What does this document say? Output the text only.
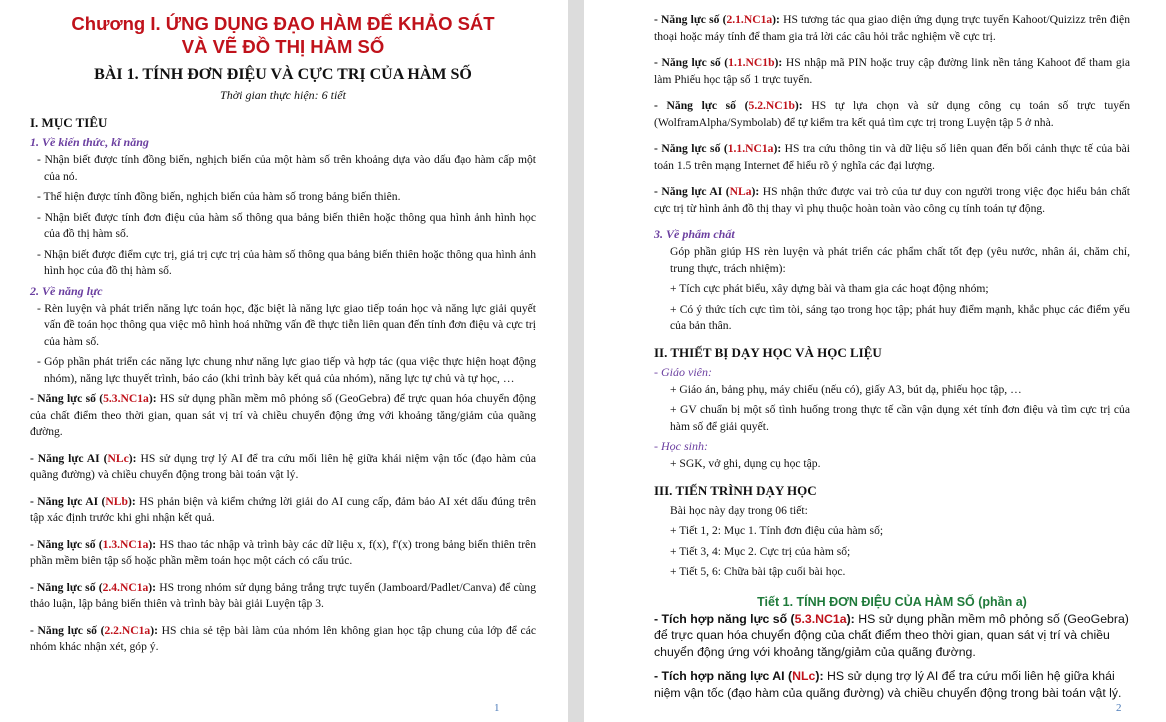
Chương I. ỨNG DỤNG ĐẠO HÀM ĐỂ KHẢO SÁT
VÀ VẼ ĐỒ THỊ HÀM SỐ
BÀI 1. TÍNH ĐƠN ĐIỆU VÀ CỰC TRỊ CỦA HÀM SỐ
Thời gian thực hiện: 6 tiết
I. MỤC TIÊU
1. Về kiến thức, kĩ năng

- Nhận biết được tính đồng biến, nghịch biến của một hàm số trên khoảng dựa vào dấu đạo hàm cấp một của nó.

- Thể hiện được tính đồng biến, nghịch biến của hàm số trong bảng biến thiên.

- Nhận biết được tính đơn điệu của hàm số thông qua bảng biến thiên hoặc thông qua hình ảnh hình học của đồ thị hàm số.

- Nhận biết được điểm cực trị, giá trị cực trị của hàm số thông qua bảng biến thiên hoặc thông qua hình ảnh hình học của đồ thị hàm số.

2. Về năng lực

- Rèn luyện và phát triển năng lực toán học, đặc biệt là năng lực giao tiếp toán học và năng lực giải quyết vấn đề toán học thông qua việc mô hình hoá những vấn đề thực tiễn liên quan đến tính đơn điệu và cực trị của hàm số.

- Góp phần phát triển các năng lực chung như năng lực giao tiếp và hợp tác (qua việc thực hiện hoạt động nhóm), năng lực thuyết trình, báo cáo (khi trình bày kết quả của nhóm), năng lực tự chủ và tự học, …

- Năng lực số (5.3.NC1a): HS sử dụng phần mềm mô phỏng số (GeoGebra) để trực quan hóa chuyển động của chất điểm theo thời gian, quan sát vị trí và chiều chuyển động ứng với khoảng tăng/giảm của quãng đường.

- Năng lực AI (NLc): HS sử dụng trợ lý AI để tra cứu mối liên hệ giữa khái niệm vận tốc (đạo hàm của quãng đường) và chiều chuyển động trong bài toán vật lý.

- Năng lực AI (NLb): HS phản biện và kiểm chứng lời giải do AI cung cấp, đảm bảo AI xét dấu đúng trên tập xác định trước khi ghi nhận kết quả.

- Năng lực số (1.3.NC1a): HS thao tác nhập và trình bày các dữ liệu x, f(x), f'(x) trong bảng biến thiên trên phần mềm biên tập số hoặc phần mềm toán học một cách có cấu trúc.

- Năng lực số (2.4.NC1a): HS trong nhóm sử dụng bảng trắng trực tuyến (Jamboard/Padlet/Canva) để cùng thảo luận, lập bảng biến thiên và trình bày bài giải Luyện tập 3.

- Năng lực số (2.2.NC1a): HS chia sẻ tệp bài làm của nhóm lên không gian học tập chung của lớp để các nhóm khác nhận xét, góp ý.

1

- Năng lực số (2.1.NC1a): HS tương tác qua giao diện ứng dụng trực tuyến Kahoot/Quizizz trên điện thoại hoặc máy tính để tham gia trả lời các câu hỏi trắc nghiệm về cực trị.

- Năng lực số (1.1.NC1b): HS nhập mã PIN hoặc truy cập đường link nền tảng Kahoot để tham gia làm Phiếu học tập số 1 trực tuyến.

- Năng lực số (5.2.NC1b): HS tự lựa chọn và sử dụng công cụ toán số trực tuyến (WolframAlpha/Symbolab) để tự kiểm tra kết quả tìm cực trị trong Luyện tập 5 ở nhà.

- Năng lực số (1.1.NC1a): HS tra cứu thông tin và dữ liệu số liên quan đến bối cảnh thực tế của bài toán 1.5 trên mạng Internet để hiểu rõ ý nghĩa các đại lượng.

- Năng lực AI (NLa): HS nhận thức được vai trò của tư duy con người trong việc đọc hiểu bản chất cực trị từ hình ảnh đồ thị thay vì phụ thuộc hoàn toàn vào công cụ tính toán tự động.

3. Về phẩm chất

Góp phần giúp HS rèn luyện và phát triển các phẩm chất tốt đẹp (yêu nước, nhân ái, chăm chỉ, trung thực, trách nhiệm):

+ Tích cực phát biểu, xây dựng bài và tham gia các hoạt động nhóm;

+ Có ý thức tích cực tìm tòi, sáng tạo trong học tập; phát huy điểm mạnh, khắc phục các điểm yếu của bản thân.

II. THIẾT BỊ DẠY HỌC VÀ HỌC LIỆU
- Giáo viên:

+ Giáo án, bảng phụ, máy chiếu (nếu có), giấy A3, bút dạ, phiếu học tập, …

+ GV chuẩn bị một số tình huống trong thực tế cần vận dụng xét tính đơn điệu và tìm cực trị của hàm số để giải quyết.

- Học sinh:

+ SGK, vở ghi, dụng cụ học tập.

III. TIẾN TRÌNH DẠY HỌC

Bài học này dạy trong 06 tiết:

+ Tiết 1, 2: Mục 1. Tính đơn điệu của hàm số;

+ Tiết 3, 4: Mục 2. Cực trị của hàm số;

+ Tiết 5, 6: Chữa bài tập cuối bài học.

Tiết 1. TÍNH ĐƠN ĐIỆU CỦA HÀM SỐ (phần a)

- Tích hợp năng lực số (5.3.NC1a): HS sử dụng phần mềm mô phỏng số (GeoGebra) để trực quan hóa chuyển động của chất điểm theo thời gian, quan sát vị trí và chiều chuyển động ứng với khoảng tăng/giảm của quãng đường.

- Tích hợp năng lực AI (NLc): HS sử dụng trợ lý AI để tra cứu mối liên hệ giữa khái niệm vận tốc (đạo hàm của quãng đường) và chiều chuyển động trong bài toán vật lý.

2
